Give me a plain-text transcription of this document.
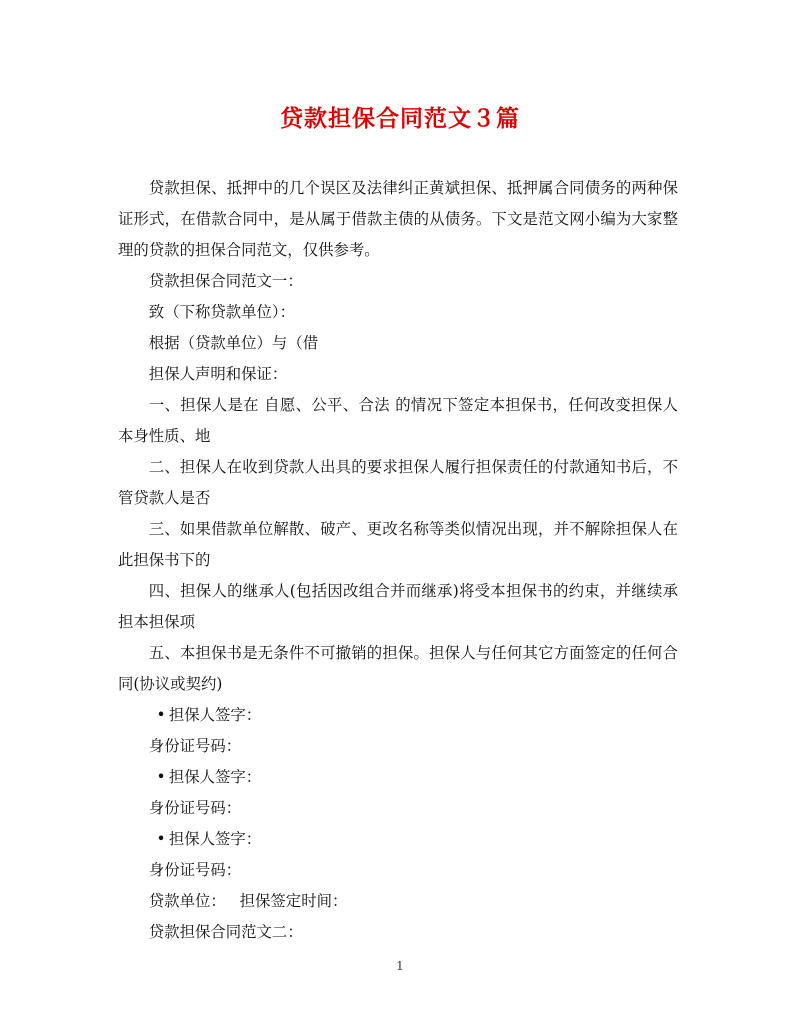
贷款担保合同范文３篇

贷款担保、抵押中的几个误区及法律纠正黄斌担保、抵押属合同债务的两种保证形式，在借款合同中，是从属于借款主债的从债务。下文是范文网小编为大家整理的贷款的担保合同范文，仅供参考。

贷款担保合同范文一：

致（下称贷款单位）：

根据（贷款单位）与（借

担保人声明和保证：

一、担保人是在 自愿、公平、合法 的情况下签定本担保书，任何改变担保人本身性质、地

二、担保人在收到贷款人出具的要求担保人履行担保责任的付款通知书后，不管贷款人是否

三、如果借款单位解散、破产、更改名称等类似情况出现，并不解除担保人在此担保书下的

四、担保人的继承人(包括因改组合并而继承)将受本担保书的约束，并继续承担本担保项

五、本担保书是无条件不可撤销的担保。担保人与任何其它方面签定的任何合同(协议或契约)

• 担保人签字：

身份证号码：

• 担保人签字：

身份证号码：

• 担保人签字：

身份证号码：

贷款单位： 担保签定时间：

贷款担保合同范文二：

1
